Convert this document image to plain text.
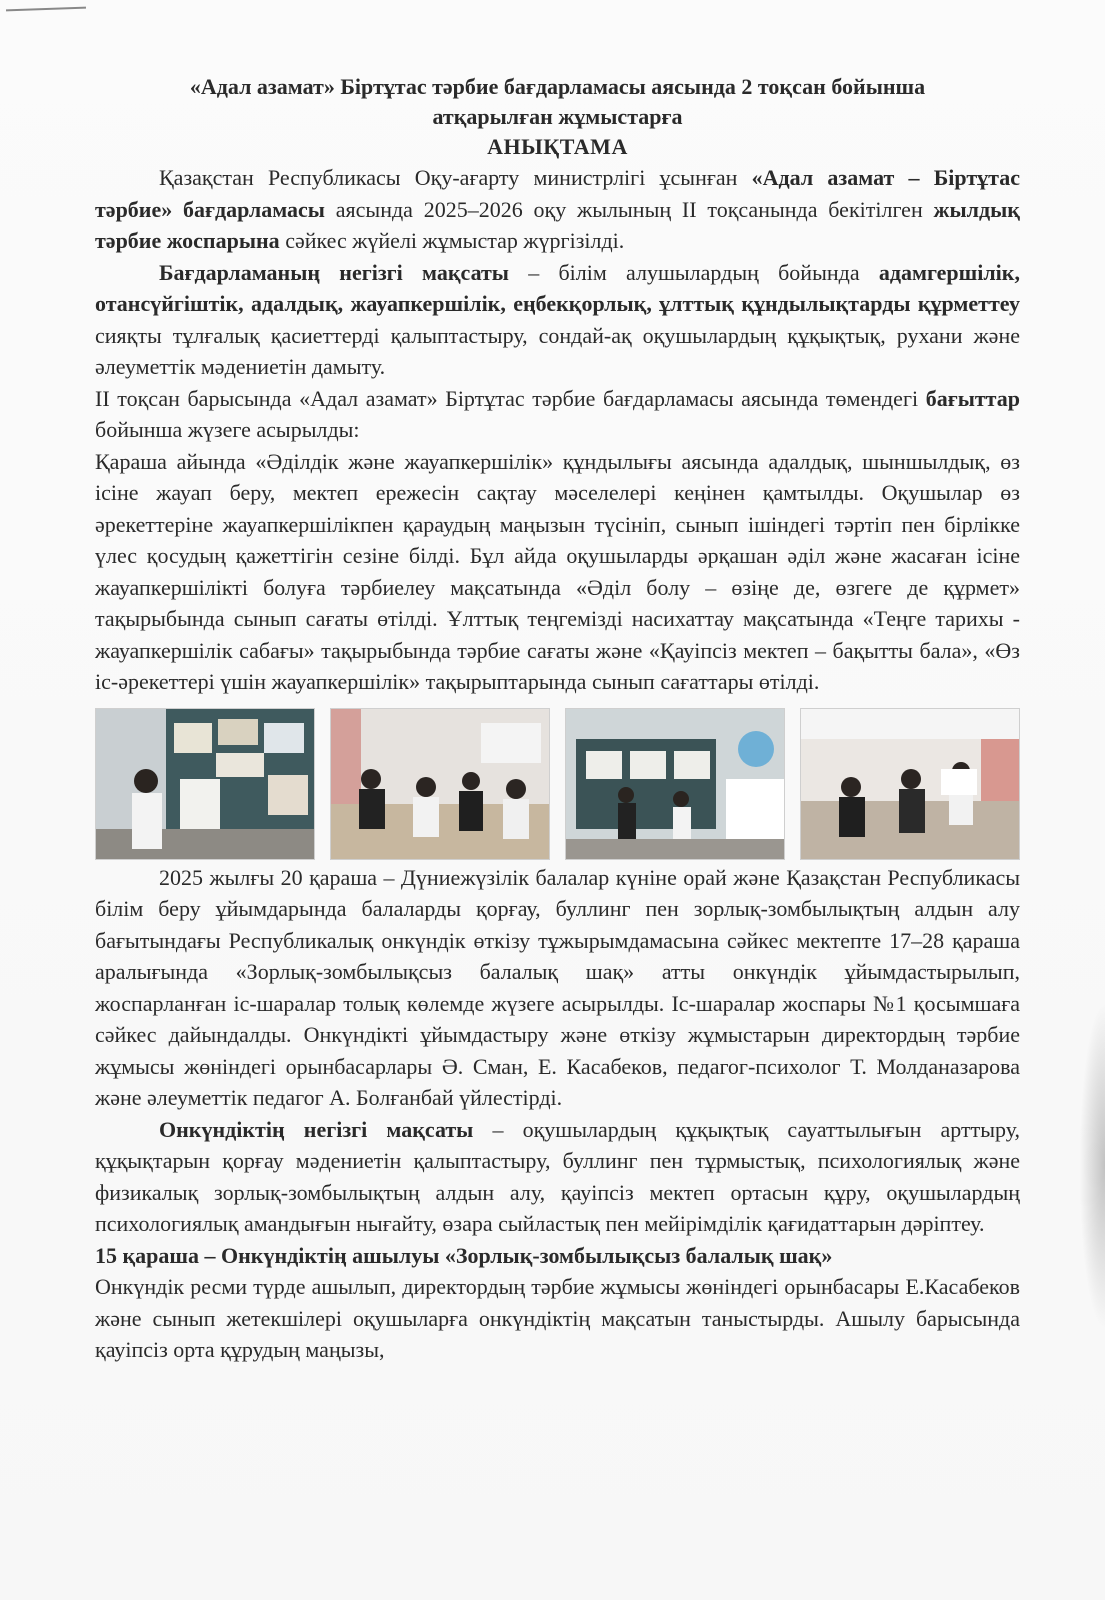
«Адал азамат» Біртұтас тәрбие бағдарламасы аясында 2 тоқсан бойынша

атқарылған жұмыстарға

АНЫҚТАМА

Қазақстан Республикасы Оқу-ағарту министрлігі ұсынған «Адал азамат – Біртұтас тәрбие» бағдарламасы аясында 2025–2026 оқу жылының ІІ тоқсанында бекітілген жылдық тәрбие жоспарына сәйкес жүйелі жұмыстар жүргізілді.

Бағдарламаның негізгі мақсаты – білім алушылардың бойында адамгершілік, отансүйгіштік, адалдық, жауапкершілік, еңбекқорлық, ұлттық құндылықтарды құрметтеу сияқты тұлғалық қасиеттерді қалыптастыру, сондай-ақ оқушылардың құқықтық, рухани және әлеуметтік мәдениетін дамыту.

ІІ тоқсан барысында «Адал азамат» Біртұтас тәрбие бағдарламасы аясында төмендегі бағыттар бойынша жүзеге асырылды:

Қараша айында «Әділдік және жауапкершілік» құндылығы аясында адалдық, шыншылдық, өз ісіне жауап беру, мектеп ережесін сақтау мәселелері кеңінен қамтылды. Оқушылар өз әрекеттеріне жауапкершілікпен қараудың маңызын түсініп, сынып ішіндегі тәртіп пен бірлікке үлес қосудың қажеттігін сезіне білді. Бұл айда оқушыларды әрқашан әділ және жасаған ісіне жауапкершілікті болуға тәрбиелеу мақсатында «Әділ болу – өзіңе де, өзгеге де құрмет» тақырыбында сынып сағаты өтілді. Ұлттық теңгемізді насихаттау мақсатында «Теңге тарихы - жауапкершілік сабағы» тақырыбында тәрбие сағаты және «Қауіпсіз мектеп – бақытты бала», «Өз іс-әрекеттері үшін жауапкершілік» тақырыптарында сынып сағаттары өтілді.

2025 жылғы 20 қараша – Дүниежүзілік балалар күніне орай және Қазақстан Республикасы білім беру ұйымдарында балаларды қорғау, буллинг пен зорлық-зомбылықтың алдын алу бағытындағы Республикалық онкүндік өткізу тұжырымдамасына сәйкес мектепте 17–28 қараша аралығында «Зорлық-зомбылықсыз балалық шақ» атты онкүндік ұйымдастырылып, жоспарланған іс-шаралар толық көлемде жүзеге асырылды. Іс-шаралар жоспары №1 қосымшаға сәйкес дайындалды. Онкүндікті ұйымдастыру және өткізу жұмыстарын директордың тәрбие жұмысы жөніндегі орынбасарлары Ә. Сман, Е. Касабеков, педагог-психолог Т. Молданазарова және әлеуметтік педагог А. Болғанбай үйлестірді.

Онкүндіктің негізгі мақсаты – оқушылардың құқықтық сауаттылығын арттыру, құқықтарын қорғау мәдениетін қалыптастыру, буллинг пен тұрмыстық, психологиялық және физикалық зорлық-зомбылықтың алдын алу, қауіпсіз мектеп ортасын құру, оқушылардың психологиялық амандығын нығайту, өзара сыйластық пен мейірімділік қағидаттарын дәріптеу.

15 қараша – Онкүндіктің ашылуы «Зорлық-зомбылықсыз балалық шақ»

Онкүндік ресми түрде ашылып, директордың тәрбие жұмысы жөніндегі орынбасары Е.Касабеков және сынып жетекшілері оқушыларға онкүндіктің мақсатын таныстырды. Ашылу барысында қауіпсіз орта құрудың маңызы,
